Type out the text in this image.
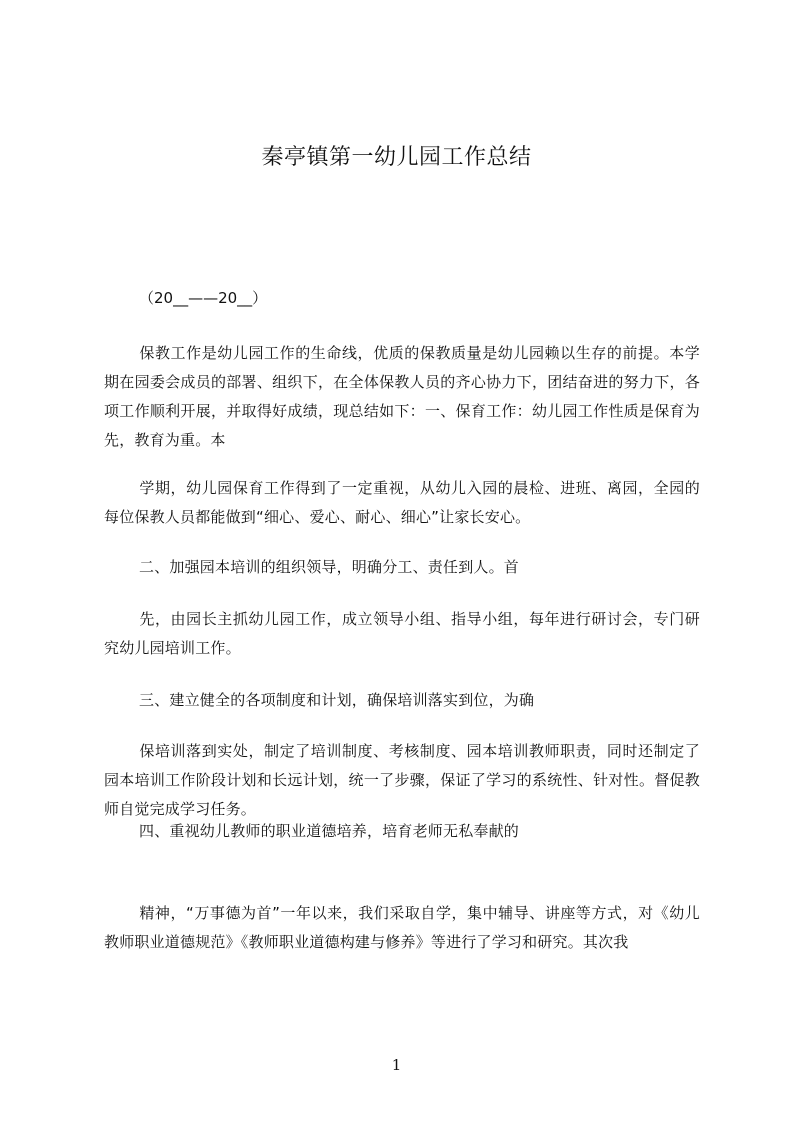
秦亭镇第一幼儿园工作总结
（20__——20__）

保教工作是幼儿园工作的生命线，优质的保教质量是幼儿园赖以生存的前提。本学期在园委会成员的部署、组织下，在全体保教人员的齐心协力下，团结奋进的努力下，各项工作顺利开展，并取得好成绩，现总结如下：一、保育工作：幼儿园工作性质是保育为先，教育为重。本

学期，幼儿园保育工作得到了一定重视，从幼儿入园的晨检、进班、离园，全园的每位保教人员都能做到“细心、爱心、耐心、细心”让家长安心。

二、加强园本培训的组织领导，明确分工、责任到人。首

先，由园长主抓幼儿园工作，成立领导小组、指导小组，每年进行研讨会，专门研究幼儿园培训工作。

三、建立健全的各项制度和计划，确保培训落实到位，为确

保培训落到实处，制定了培训制度、考核制度、园本培训教师职责，同时还制定了园本培训工作阶段计划和长远计划，统一了步骤，保证了学习的系统性、针对性。督促教师自觉完成学习任务。

四、重视幼儿教师的职业道德培养，培育老师无私奉献的

精神，“万事德为首”一年以来，我们采取自学，集中辅导、讲座等方式，对《幼儿教师职业道德规范》《教师职业道德构建与修养》等进行了学习和研究。其次我

1
